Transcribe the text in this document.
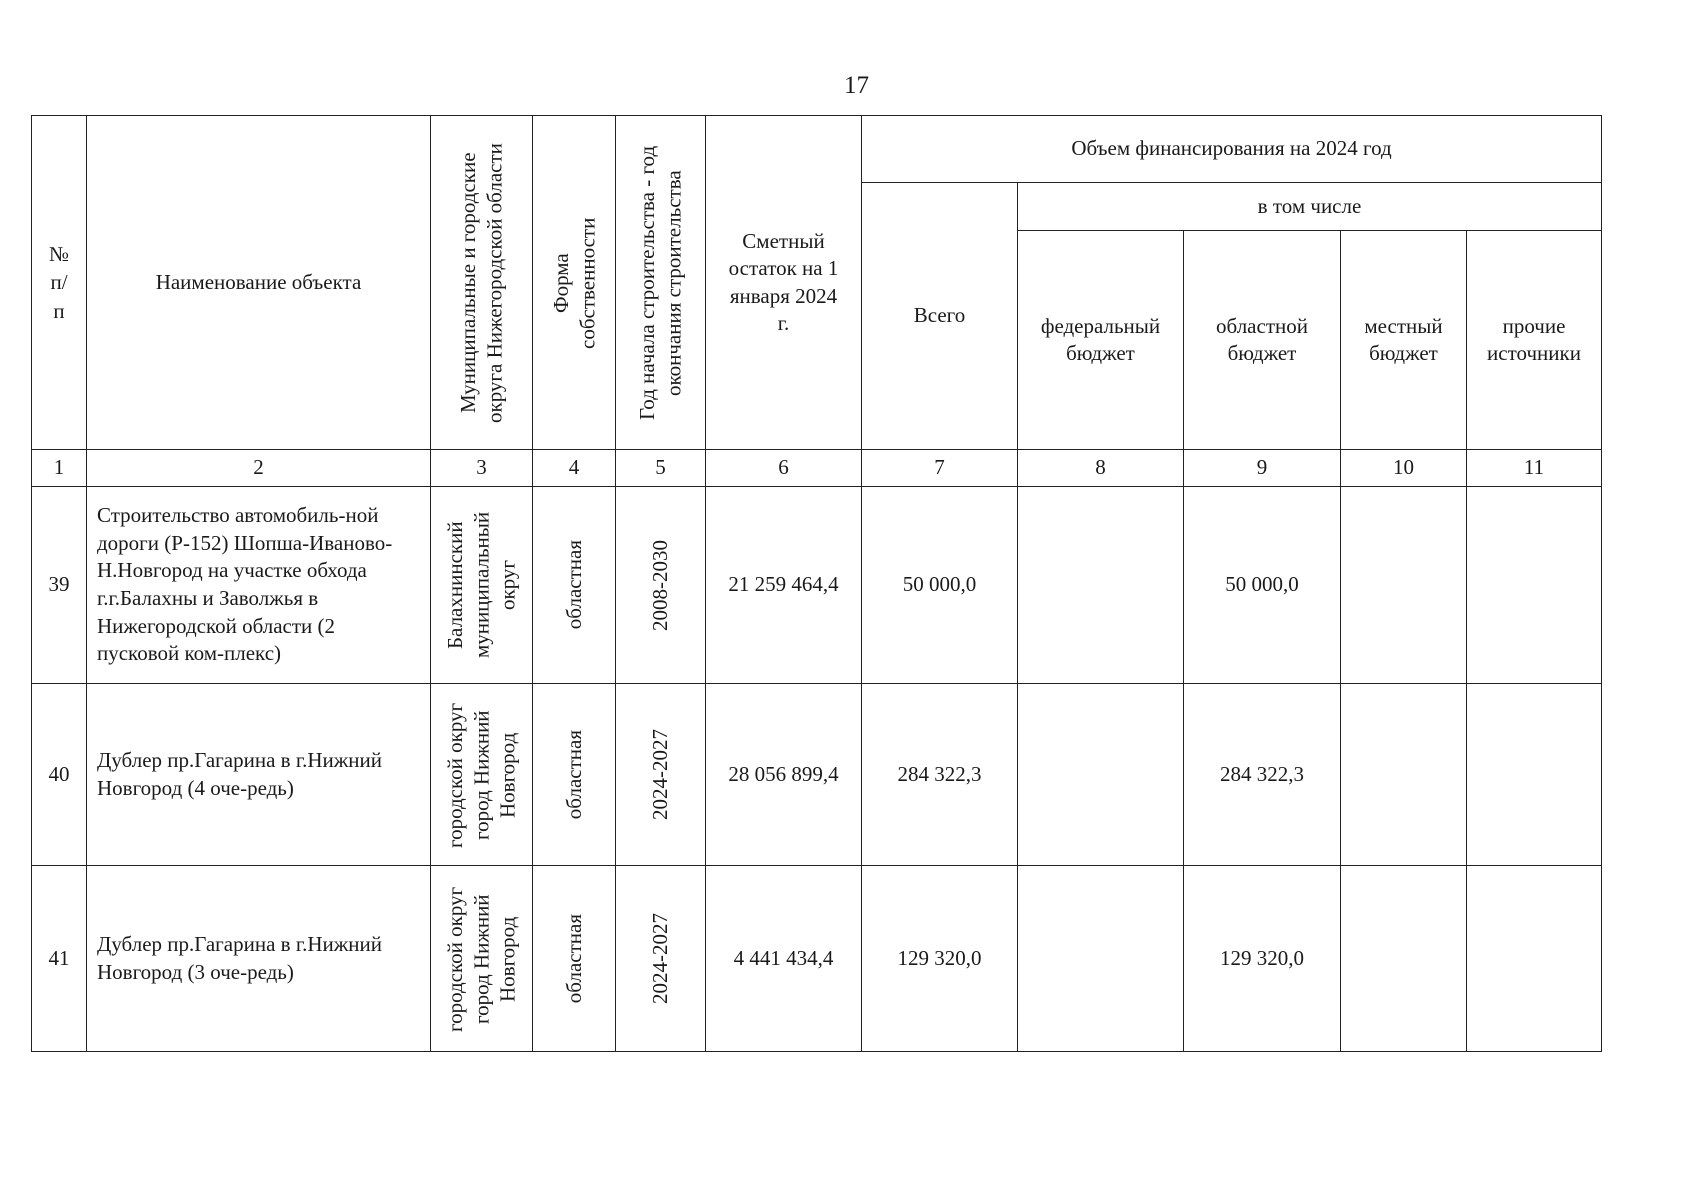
17
№ п/ п	Наименование объекта	Муниципальные и городские округа Нижегородской области	Форма собственности	Год начала строительства - год окончания строительства	Сметный остаток на 1 января 2024 г.	Объем финансирования на 2024 год				
						Всего	в том числе			

							федеральный бюджет	областной бюджет	местный бюджет	прочие источники

1	2	3	4	5	6	7	8	9	10	11
39	Строительство автомобиль-ной дороги (Р-152) Шопша-Иваново-Н.Новгород на участке обхода г.г.Балахны и Заволжья в Нижегородской области (2 пусковой ком-плекс)	Балахнинский муниципальный округ	областная	2008-2030	21 259 464,4	50 000,0		50 000,0		
40	Дублер пр.Гагарина в г.Нижний Новгород (4 оче-редь)	городской округ город Нижний Новгород	областная	2024-2027	28 056 899,4	284 322,3		284 322,3		
41	Дублер пр.Гагарина в г.Нижний Новгород (3 оче-редь)	городской округ город Нижний Новгород	областная	2024-2027	4 441 434,4	129 320,0		129 320,0		
